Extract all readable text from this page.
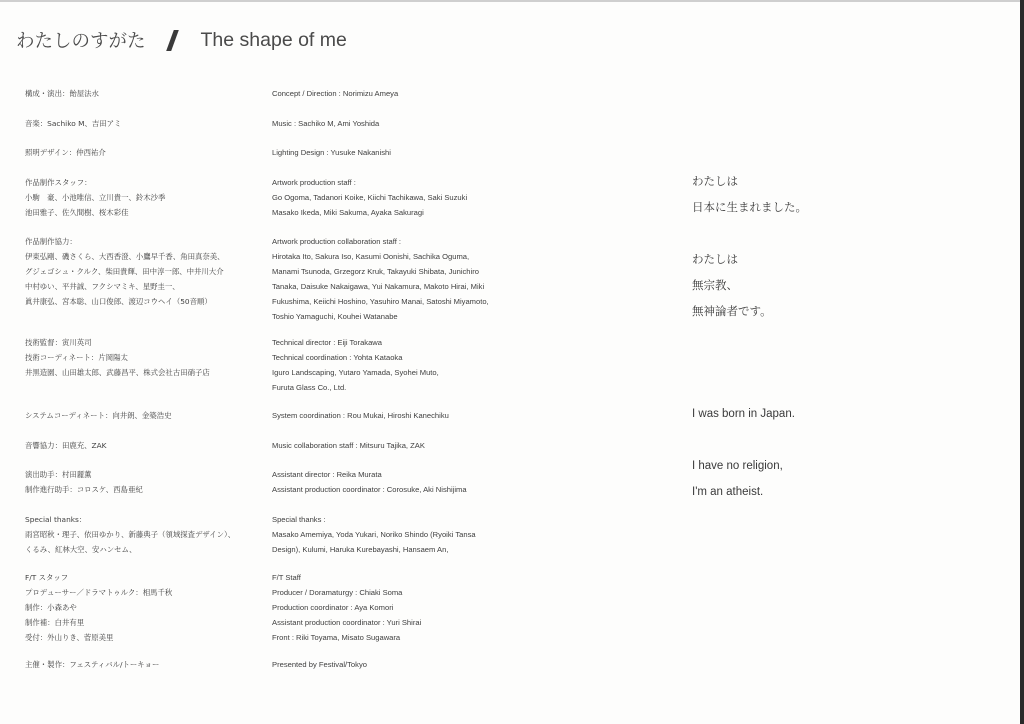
わたしのすがた	The shape of me
構成・演出：飴屋法水
音楽：Sachiko M、吉田アミ
照明デザイン：仲西祐介
作品制作スタッフ：
小駒　豪、小池唯信、立川貴一、鈴木沙季
池田雅子、佐久間樹、桜木彩佳
作品制作協力：
伊東弘剛、磯さくら、大西香澄、小鷹早千香、角田真奈美、
グジェゴシュ・クルク、柴田貴輝、田中淳一郎、中井川大介
中村ゆい、平井誠、フクシマミキ、星野圭一、
眞井康弘、宮本聡、山口俊郎、渡辺コウヘイ（50音順）
技術監督：寅川英司
技術コーディネート：片岡陽太
井黒造園、山田雄太郎、武藤昌平、株式会社古田硝子店
システムコーディネート：向井朗、金築浩史
音響協力：田鹿充、ZAK
演出助手：村田麗薫
制作進行助手：コロスケ、西島亜紀
Special thanks：
雨宮昭秋・理子、依田ゆかり、新藤典子（領域探査デザイン）、
くるみ、紅林大空、安ハンセム、
F/T スタッフ
プロデューサー／ドラマトゥルク：相馬千秋
制作：小森あや
制作補：白井有里
受付：外山りき、菅原美里
主催・製作：フェスティバル/トーキョー
Concept / Direction : Norimizu Ameya
Music : Sachiko M, Ami Yoshida
Lighting Design : Yusuke Nakanishi
Artwork production staff :
Go Ogoma, Tadanori Koike, Kiichi Tachikawa, Saki Suzuki
Masako Ikeda, Miki Sakuma, Ayaka Sakuragi
Artwork production collaboration staff :
Hirotaka Ito, Sakura Iso, Kasumi Oonishi, Sachika Oguma,
Manami Tsunoda, Grzegorz Kruk, Takayuki Shibata, Junichiro
Tanaka, Daisuke Nakaigawa, Yui Nakamura, Makoto Hirai, Miki
Fukushima, Keiichi Hoshino, Yasuhiro Manai, Satoshi Miyamoto,
Toshio Yamaguchi, Kouhei Watanabe
Technical director : Eiji Torakawa
Technical coordination : Yohta Kataoka
Iguro Landscaping, Yutaro Yamada, Syohei Muto,
Furuta Glass Co., Ltd.
System coordination : Rou Mukai, Hiroshi Kanechiku
Music collaboration staff : Mitsuru Tajika, ZAK
Assistant director : Reika Murata
Assistant production coordinator : Corosuke, Aki Nishijima
Special thanks :
Masako Amemiya, Yoda Yukari, Noriko Shindo (Ryoiki Tansa
Design), Kulumi, Haruka Kurebayashi, Hansaem An,
F/T Staff
Producer / Doramaturgy : Chiaki Soma
Production coordinator : Aya Komori
Assistant production coordinator : Yuri Shirai
Front : Riki Toyama, Misato Sugawara
Presented by Festival/Tokyo
わたしは
日本に生まれました。
わたしは
無宗教、
無神論者です。
I was born in Japan.
I have no religion,
I'm an atheist.
